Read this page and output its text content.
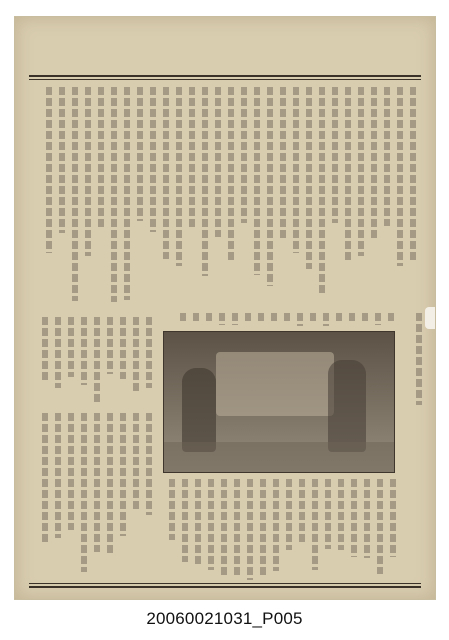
20060021031_P005
